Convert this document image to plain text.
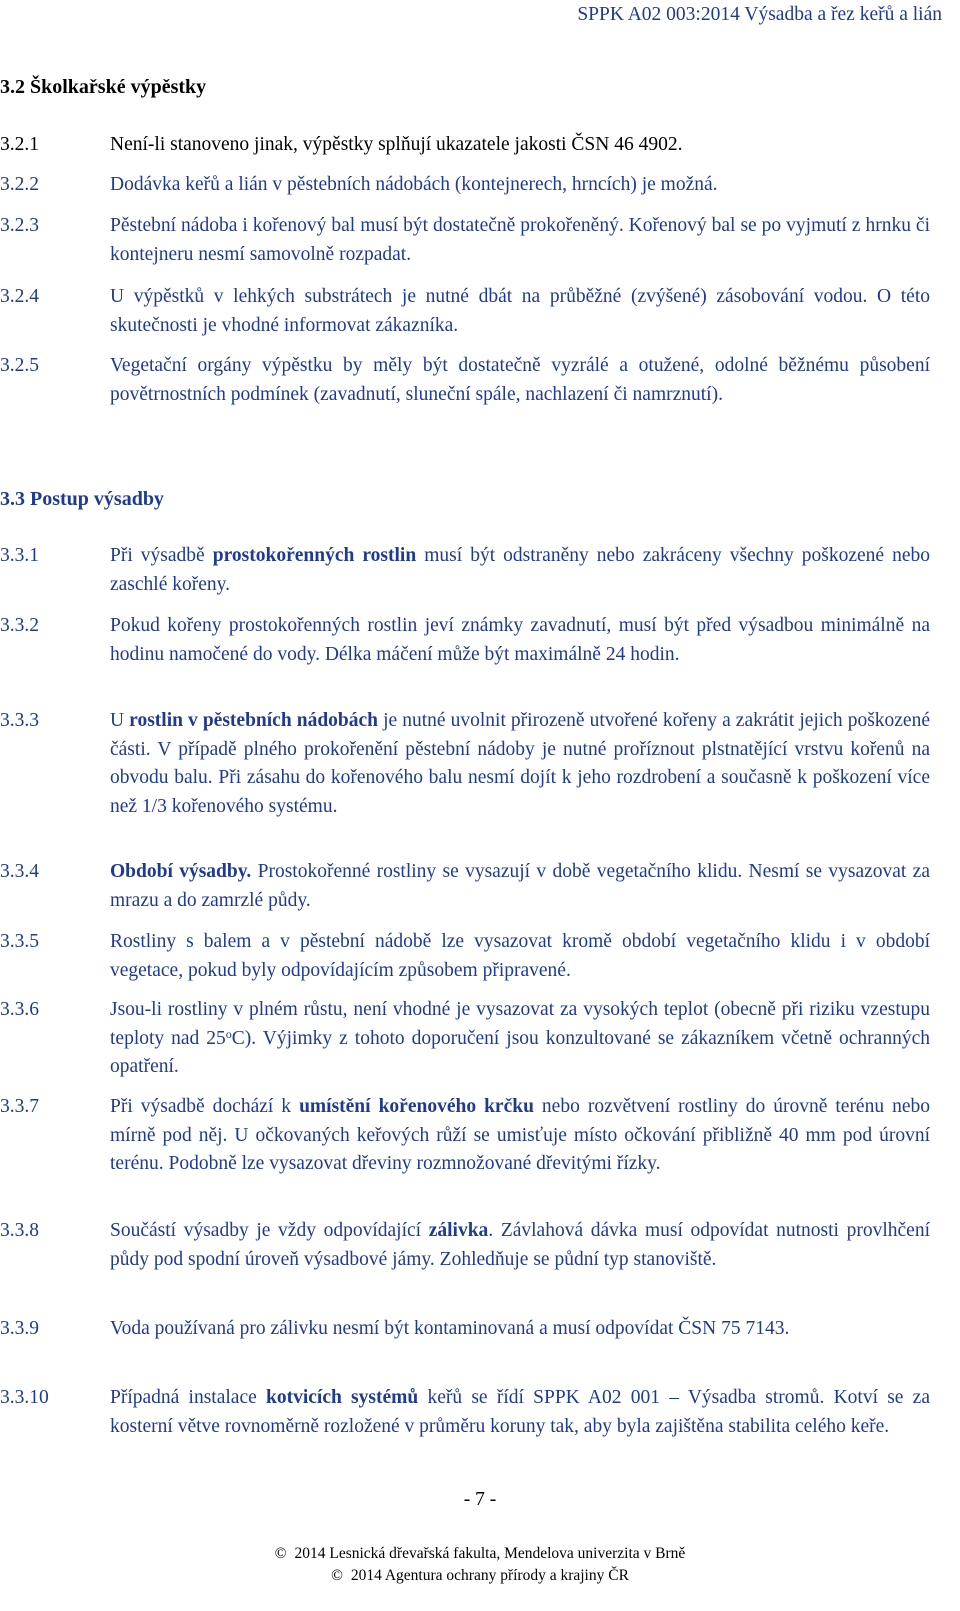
SPPK A02 003:2014 Výsadba a řez keřů a lián
3.2 Školkařské výpěstky
3.2.1	Není-li stanoveno jinak, výpěstky splňují ukazatele jakosti ČSN 46 4902.
3.2.2	Dodávka keřů a lián v pěstebních nádobách (kontejnerech, hrncích) je možná.
3.2.3	Pěstební nádoba i kořenový bal musí být dostatečně prokořeněný. Kořenový bal se po vyjmutí z hrnku či kontejneru nesmí samovolně rozpadat.
3.2.4	U výpěstků v lehkých substrátech je nutné dbát na průběžné (zvýšené) zásobování vodou. O této skutečnosti je vhodné informovat zákazníka.
3.2.5	Vegetační orgány výpěstku by měly být dostatečně vyzrálé a otužené, odolné běžnému působení povětrnostních podmínek (zavadnutí, sluneční spále, nachlazení či namrznutí).
3.3 Postup výsadby
3.3.1	Při výsadbě prostokořenných rostlin musí být odstraněny nebo zakráceny všechny poškozené nebo zaschlé kořeny.
3.3.2	Pokud kořeny prostokořenných rostlin jeví známky zavadnutí, musí být před výsadbou minimálně na hodinu namočené do vody. Délka máčení může být maximálně 24 hodin.
3.3.3	U rostlin v pěstebních nádobách je nutné uvolnit přirozeně utvořené kořeny a zakrátit jejich poškozené části. V případě plného prokořenění pěstební nádoby je nutné proříznout plstnatějící vrstvu kořenů na obvodu balu. Při zásahu do kořenového balu nesmí dojít k jeho rozdrobení a současně k poškození více než 1/3 kořenového systému.
3.3.4	Období výsadby. Prostokořenné rostliny se vysazují v době vegetačního klidu. Nesmí se vysazovat za mrazu a do zamrzlé půdy.
3.3.5	Rostliny s balem a v pěstební nádobě lze vysazovat kromě období vegetačního klidu i v období vegetace, pokud byly odpovídajícím způsobem připravené.
3.3.6	Jsou-li rostliny v plném růstu, není vhodné je vysazovat za vysokých teplot (obecně při riziku vzestupu teploty nad 25$^o$C). Výjimky z tohoto doporučení jsou konzultované se zákazníkem včetně ochranných opatření.
3.3.7	Při výsadbě dochází k umístění kořenového krčku nebo rozvětvení rostliny do úrovně terénu nebo mírně pod něj. U očkovaných keřových růží se umisťuje místo očkování přibližně 40 mm pod úrovní terénu. Podobně lze vysazovat dřeviny rozmnožované dřevitými řízky.
3.3.8	Součástí výsadby je vždy odpovídající zálivka. Závlahová dávka musí odpovídat nutnosti provlhčení půdy pod spodní úroveň výsadbové jámy. Zohledňuje se půdní typ stanoviště.
3.3.9	Voda používaná pro zálivku nesmí být kontaminovaná a musí odpovídat ČSN 75 7143.
3.3.10	Případná instalace kotvicích systémů keřů se řídí SPPK A02 001 – Výsadba stromů. Kotví se za kosterní větve rovnoměrně rozložené v průměru koruny tak, aby byla zajištěna stabilita celého keře.
- 7 -
© 2014 Lesnická dřevařská fakulta, Mendelova univerzita v Brně
© 2014 Agentura ochrany přírody a krajiny ČR
